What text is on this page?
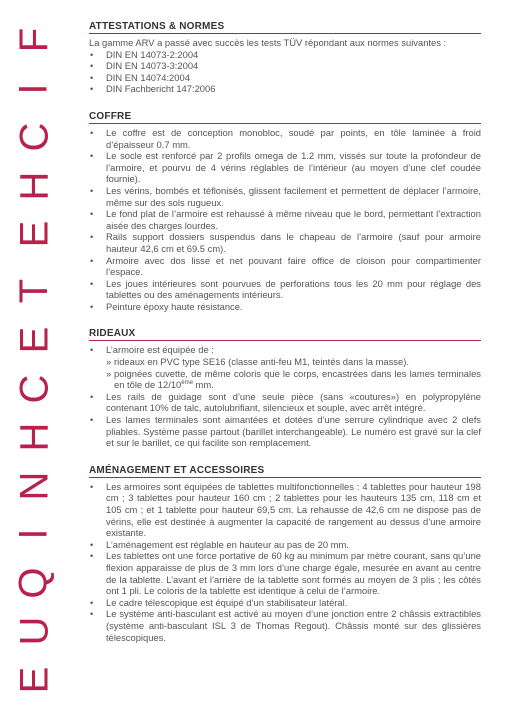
F
I
C
H
E
T
E
C
H
N
I
Q
U
E
ATTESTATIONS & NORMES

La gamme ARV a passé avec succès les tests TÜV répondant aux normes suivantes :

• DIN EN 14073-2:2004
• DIN EN 14073-3:2004
• DIN EN 14074:2004
• DIN Fachbericht 147:2006
COFFRE
• Le coffre est de conception monobloc, soudé par points, en tôle laminée à froid d’épaisseur 0.7 mm.
• Le socle est renforcé par 2 profils omega de 1.2 mm, vissés sur toute la profondeur de l’armoire, et pourvu de 4 vérins réglables de l’intérieur (au moyen d’une clef coudée fournie).
• Les vérins, bombés et téflonisés, glissent facilement et permettent de déplacer l’armoire, même sur des sols rugueux.
• Le fond plat de l’armoire est rehaussé à même niveau que le bord, permettant l’extraction aisée des charges lourdes.
• Rails support dossiers suspendus dans le chapeau de l’armoire (sauf pour armoire hauteur 42,6 cm et 69.5 cm).
• Armoire avec dos lisse et net pouvant faire office de cloison pour compartimenter l’espace.
• Les joues intérieures sont pourvues de perforations tous les 20 mm pour réglage des tablettes ou des aménagements intérieurs.
• Peinture époxy haute résistance.
RIDEAUX
• L’armoire est équipée de :
» rideaux en PVC type SE16 (classe anti-feu M1, teintés dans la masse).
» poignées cuvette, de même coloris que le corps, encastrées dans les lames terminales en tôle de 12/10ème mm.
• Les rails de guidage sont d’une seule pièce (sans «coutures») en polypropylène contenant 10% de talc, autolubrifiant, silencieux et souple, avec arrêt intégré.
• Les lames terminales sont aimantées et dotées d’une serrure cylindrique avec 2 clefs pliables. Système passe partout (barillet interchangeable). Le numéro est gravé sur la clef et sur le barillet, ce qui facilite son remplacement.
AMÉNAGEMENT ET ACCESSOIRES
• Les armoires sont équipées de tablettes multifonctionnelles : 4 tablettes pour hauteur 198 cm ; 3 tablettes pour hauteur 160 cm ; 2 tablettes pour les hauteurs 135 cm, 118 cm et 105 cm ; et 1 tablette pour hauteur 69,5 cm. La rehausse de 42,6 cm ne dispose pas de vérins, elle est destinée à augmenter la capacité de rangement au dessus d’une armoire existante.
• L’aménagement est réglable en hauteur au pas de 20 mm.
• Les tablettes ont une force portative de 60 kg au minimum par mètre courant, sans qu’une flexion apparaisse de plus de 3 mm lors d’une charge égale, mesurée en avant au centre de la tablette. L’avant et l’arrière de la tablette sont formés au moyen de 3 plis ; les côtés ont 1 pli. Le coloris de la tablette est identique à celui de l’armoire.
• Le cadre télescopique est équipé d’un stabilisateur latéral.
• Le système anti-basculant est activé au moyen d’une jonction entre 2 châssis extractibles (système anti-basculant ISL 3 de Thomas Regout). Châssis monté sur des glissières télescopiques.
